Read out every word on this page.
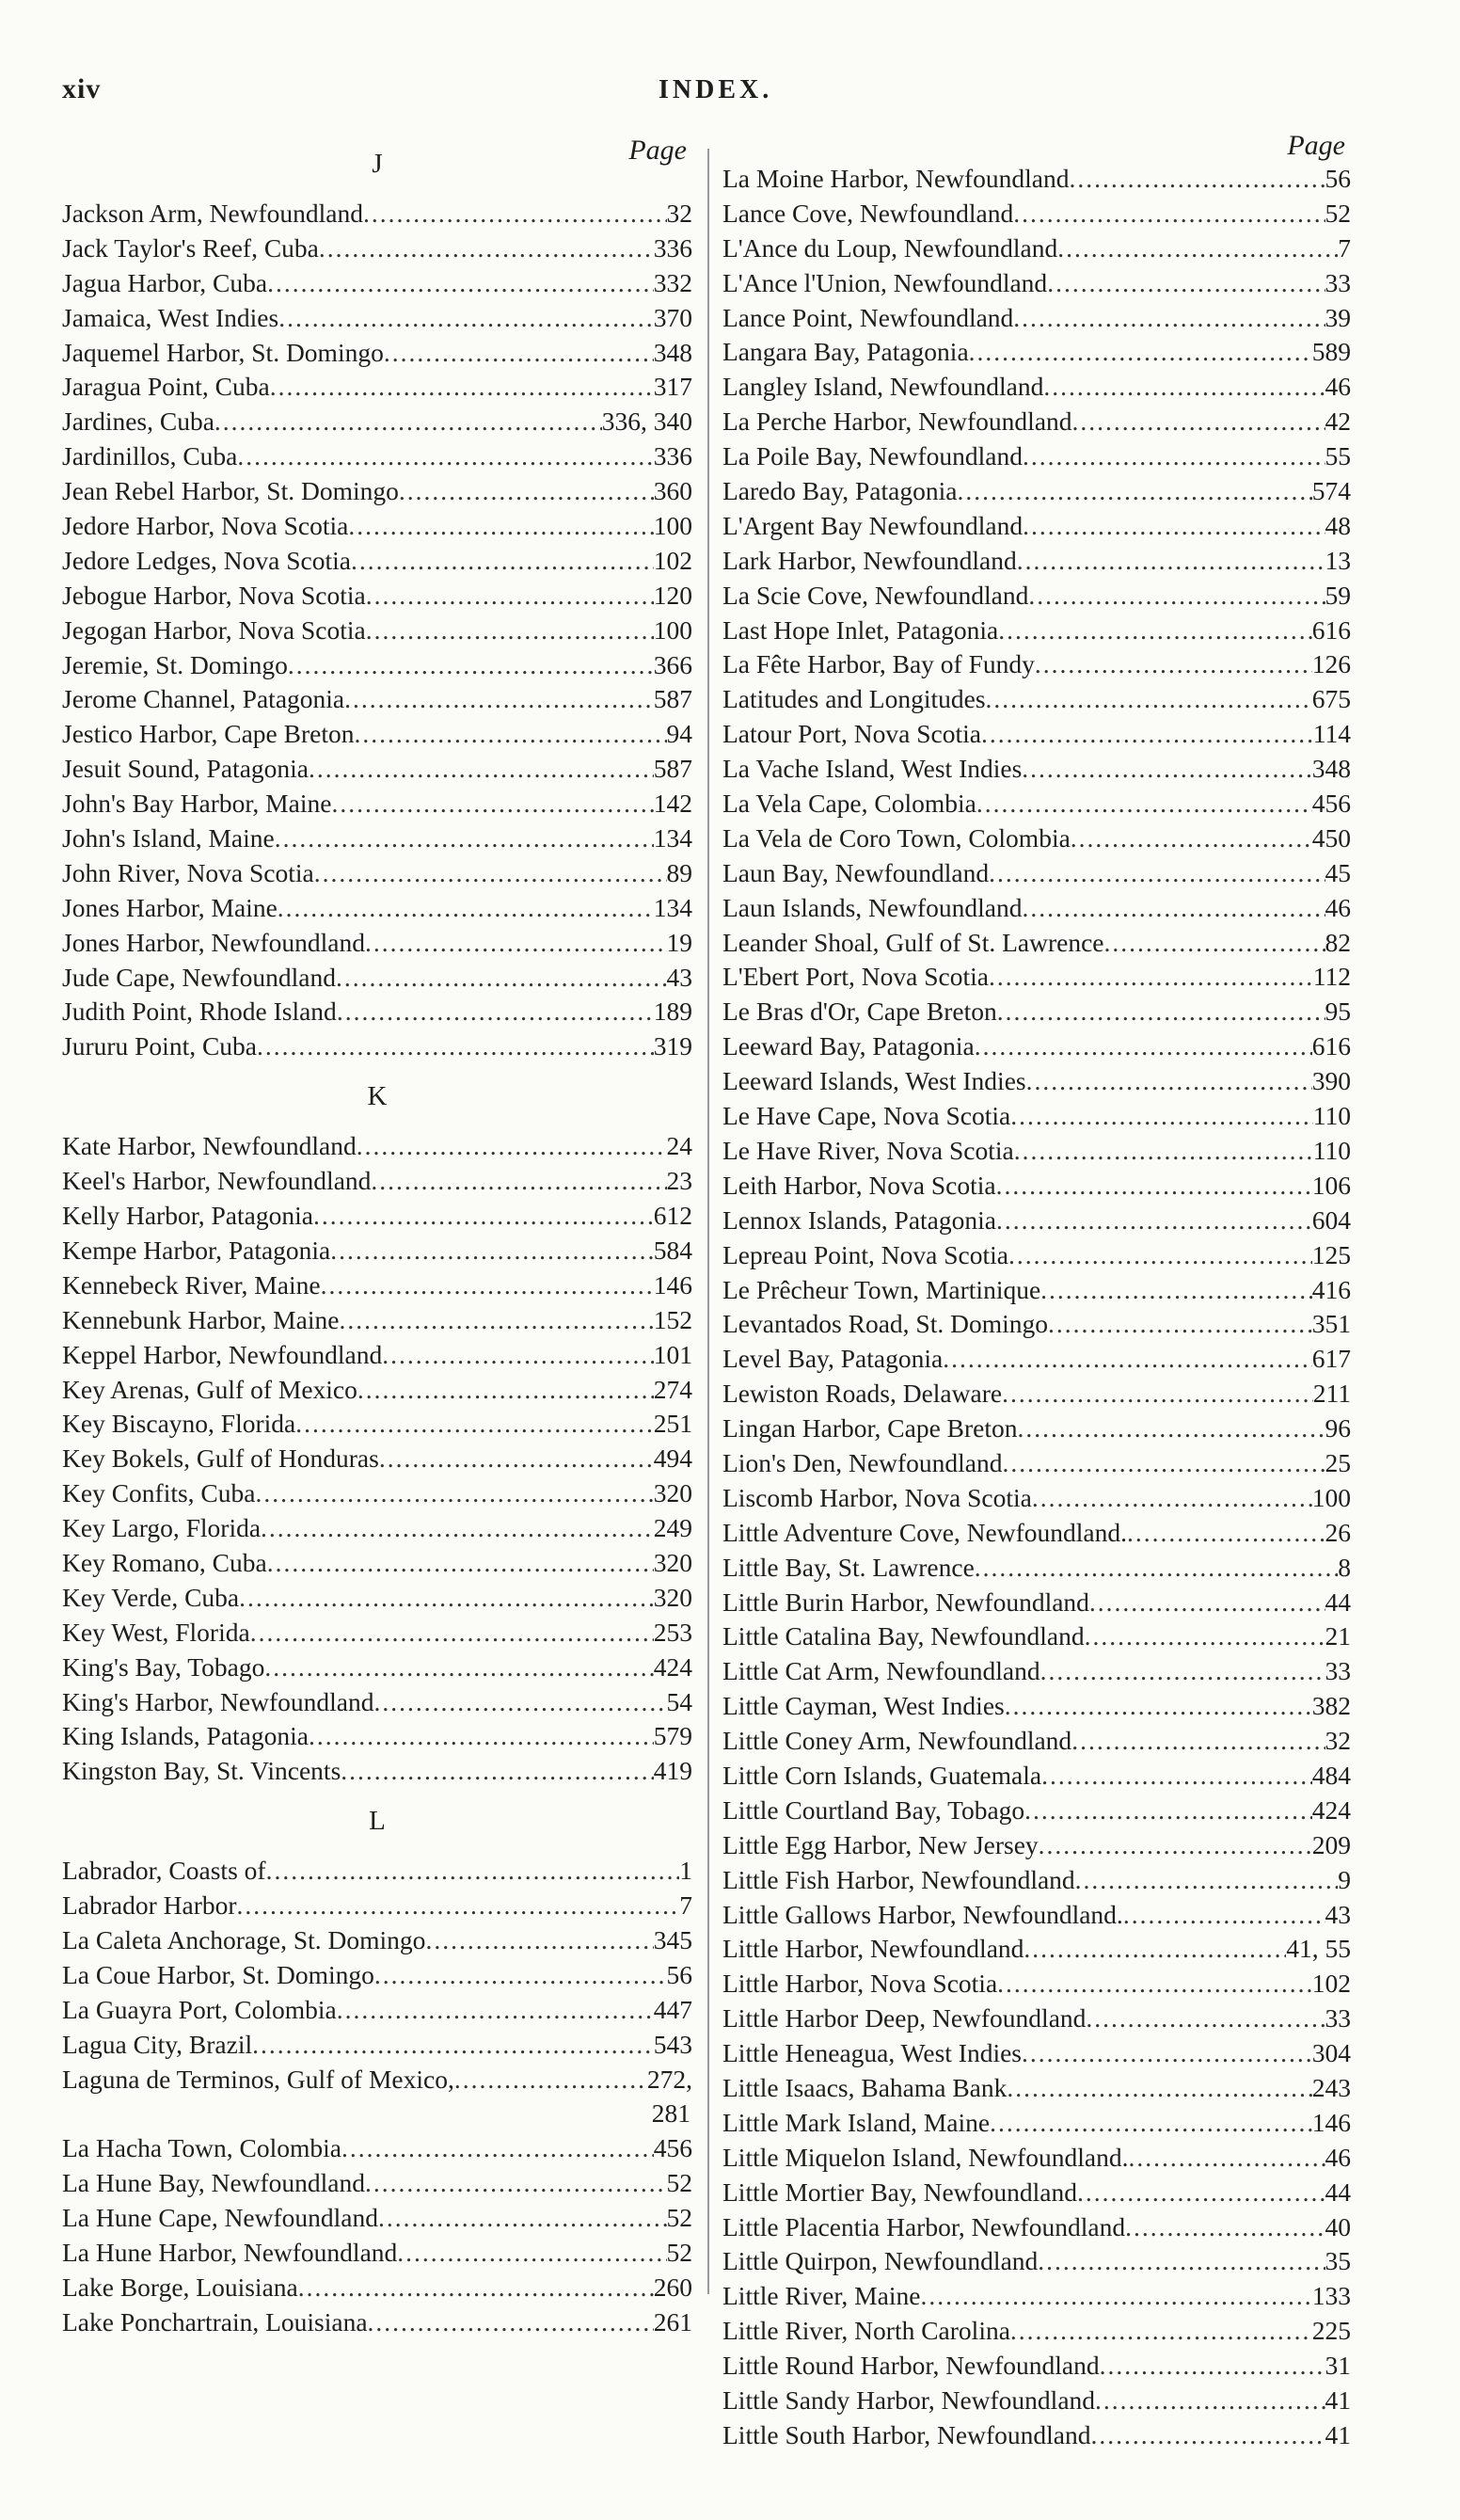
xiv	INDEX.
Page
J
Jackson Arm, Newfoundland .....	32
Jack Taylor's Reef, Cuba .....	336
Jagua Harbor, Cuba .....	332
Jamaica, West Indies .....	370
Jaquemel Harbor, St. Domingo .....	348
Jaragua Point, Cuba .....	317
Jardines, Cuba .....	336, 340
Jardinillos, Cuba .....	336
Jean Rebel Harbor, St. Domingo .....	360
Jedore Harbor, Nova Scotia .....	100
Jedore Ledges, Nova Scotia .....	102
Jebogue Harbor, Nova Scotia .....	120
Jegogan Harbor, Nova Scotia .....	100
Jeremie, St. Domingo .....	366
Jerome Channel, Patagonia .....	587
Jestico Harbor, Cape Breton .....	94
Jesuit Sound, Patagonia .....	587
John's Bay Harbor, Maine .....	142
John's Island, Maine .....	134
John River, Nova Scotia .....	89
Jones Harbor, Maine .....	134
Jones Harbor, Newfoundland .....	19
Jude Cape, Newfoundland .....	43
Judith Point, Rhode Island .....	189
Jururu Point, Cuba .....	319
K
Kate Harbor, Newfoundland .....	24
Keel's Harbor, Newfoundland .....	23
Kelly Harbor, Patagonia .....	612
Kempe Harbor, Patagonia .....	584
Kennebeck River, Maine .....	146
Kennebunk Harbor, Maine .....	152
Keppel Harbor, Newfoundland .....	101
Key Arenas, Gulf of Mexico .....	274
Key Biscayno, Florida .....	251
Key Bokels, Gulf of Honduras .....	494
Key Confits, Cuba .....	320
Key Largo, Florida .....	249
Key Romano, Cuba .....	320
Key Verde, Cuba .....	320
Key West, Florida .....	253
King's Bay, Tobago .....	424
King's Harbor, Newfoundland .....	54
King Islands, Patagonia .....	579
Kingston Bay, St. Vincents .....	419
L
Labrador, Coasts of .....	1
Labrador Harbor .....	7
La Caleta Anchorage, St. Domingo .....	345
La Coue Harbor, St. Domingo .....	56
La Guayra Port, Colombia .....	447
Lagua City, Brazil .....	543
Laguna de Terminos, Gulf of Mexico, .....	272,
281
La Hacha Town, Colombia .....	456
La Hune Bay, Newfoundland .....	52
La Hune Cape, Newfoundland .....	52
La Hune Harbor, Newfoundland .....	52
Lake Borge, Louisiana .....	260
Lake Ponchartrain, Louisiana .....	261
Page
La Moine Harbor, Newfoundland .....	56
Lance Cove, Newfoundland .....	52
L'Ance du Loup, Newfoundland .....	7
L'Ance l'Union, Newfoundland .....	33
Lance Point, Newfoundland .....	39
Langara Bay, Patagonia .....	589
Langley Island, Newfoundland .....	46
La Perche Harbor, Newfoundland .....	42
La Poile Bay, Newfoundland .....	55
Laredo Bay, Patagonia .....	574
L'Argent Bay Newfoundland .....	48
Lark Harbor, Newfoundland .....	13
La Scie Cove, Newfoundland .....	59
Last Hope Inlet, Patagonia .....	616
La Fête Harbor, Bay of Fundy .....	126
Latitudes and Longitudes .....	675
Latour Port, Nova Scotia .....	114
La Vache Island, West Indies .....	348
La Vela Cape, Colombia .....	456
La Vela de Coro Town, Colombia .....	450
Laun Bay, Newfoundland .....	45
Laun Islands, Newfoundland .....	46
Leander Shoal, Gulf of St. Lawrence .....	82
L'Ebert Port, Nova Scotia .....	112
Le Bras d'Or, Cape Breton .....	95
Leeward Bay, Patagonia .....	616
Leeward Islands, West Indies .....	390
Le Have Cape, Nova Scotia .....	110
Le Have River, Nova Scotia .....	110
Leith Harbor, Nova Scotia .....	106
Lennox Islands, Patagonia .....	604
Lepreau Point, Nova Scotia .....	125
Le Prêcheur Town, Martinique .....	416
Levantados Road, St. Domingo .....	351
Level Bay, Patagonia .....	617
Lewiston Roads, Delaware .....	211
Lingan Harbor, Cape Breton .....	96
Lion's Den, Newfoundland .....	25
Liscomb Harbor, Nova Scotia .....	100
Little Adventure Cove, Newfoundland. .....	26
Little Bay, St. Lawrence .....	8
Little Burin Harbor, Newfoundland .....	44
Little Catalina Bay, Newfoundland .....	21
Little Cat Arm, Newfoundland .....	33
Little Cayman, West Indies .....	382
Little Coney Arm, Newfoundland .....	32
Little Corn Islands, Guatemala .....	484
Little Courtland Bay, Tobago .....	424
Little Egg Harbor, New Jersey .....	209
Little Fish Harbor, Newfoundland .....	9
Little Gallows Harbor, Newfoundland. .....	43
Little Harbor, Newfoundland .....	41, 55
Little Harbor, Nova Scotia .....	102
Little Harbor Deep, Newfoundland .....	33
Little Heneagua, West Indies .....	304
Little Isaacs, Bahama Bank .....	243
Little Mark Island, Maine .....	146
Little Miquelon Island, Newfoundland. .....	46
Little Mortier Bay, Newfoundland .....	44
Little Placentia Harbor, Newfoundland .....	40
Little Quirpon, Newfoundland .....	35
Little River, Maine .....	133
Little River, North Carolina .....	225
Little Round Harbor, Newfoundland .....	31
Little Sandy Harbor, Newfoundland .....	41
Little South Harbor, Newfoundland .....	41
